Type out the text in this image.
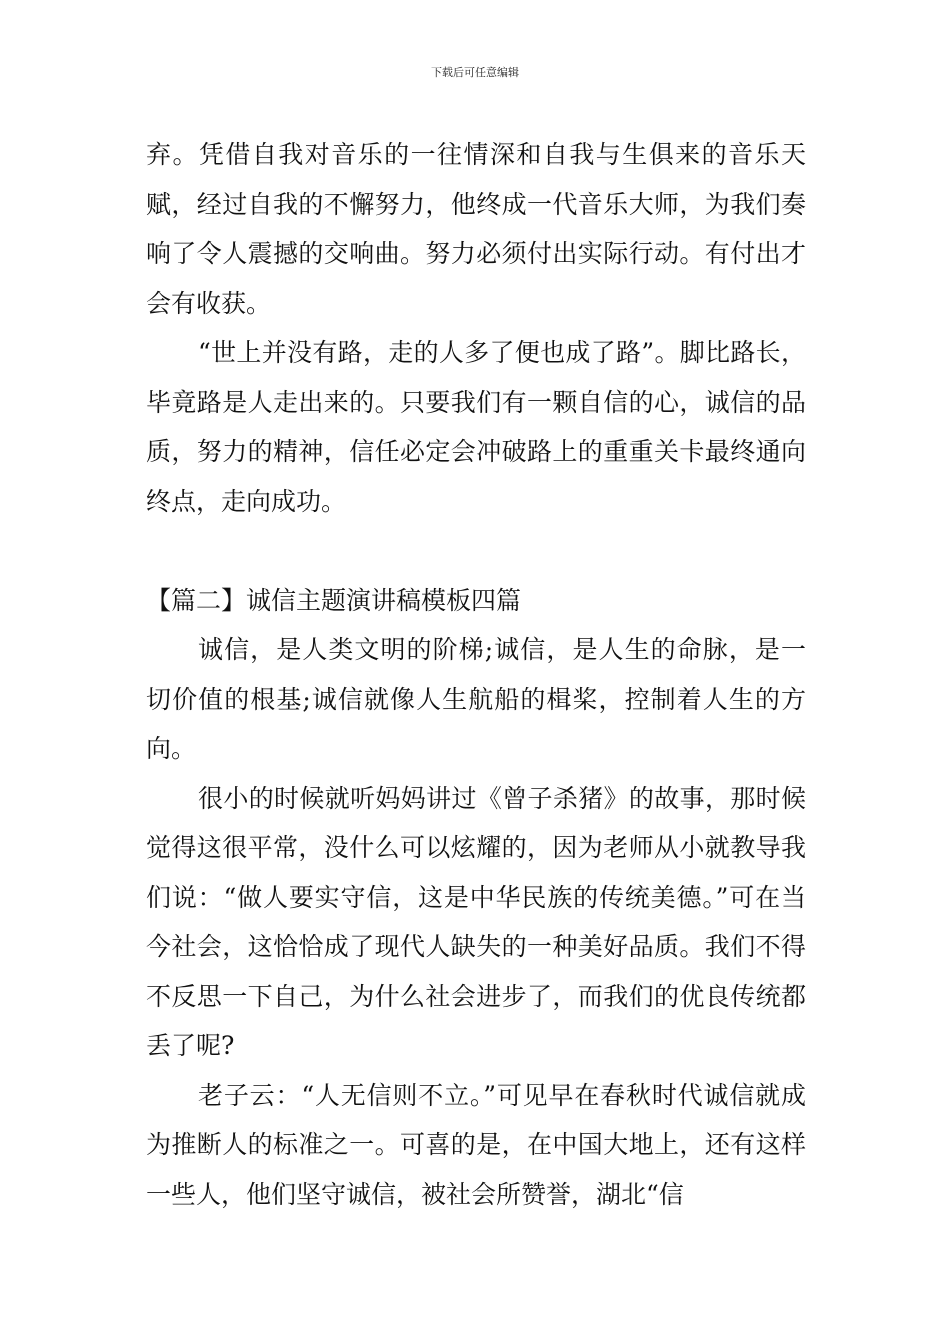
下载后可任意编辑

弃。凭借自我对音乐的一往情深和自我与生俱来的音乐天赋，经过自我的不懈努力，他终成一代音乐大师，为我们奏响了令人震撼的交响曲。努力必须付出实际行动。有付出才会有收获。

“世上并没有路，走的人多了便也成了路”。脚比路长，毕竟路是人走出来的。只要我们有一颗自信的心，诚信的品质，努力的精神，信任必定会冲破路上的重重关卡最终通向终点，走向成功。

【篇二】诚信主题演讲稿模板四篇

诚信，是人类文明的阶梯;诚信，是人生的命脉，是一切价值的根基;诚信就像人生航船的楫桨，控制着人生的方向。

很小的时候就听妈妈讲过《曾子杀猪》的故事，那时候觉得这很平常，没什么可以炫耀的，因为老师从小就教导我们说：“做人要实守信，这是中华民族的传统美德。”可在当今社会，这恰恰成了现代人缺失的一种美好品质。我们不得不反思一下自己，为什么社会进步了，而我们的优良传统都丢了呢?

老子云：“人无信则不立。”可见早在春秋时代诚信就成为推断人的标准之一。可喜的是，在中国大地上，还有这样一些人，他们坚守诚信，被社会所赞誉，湖北“信
